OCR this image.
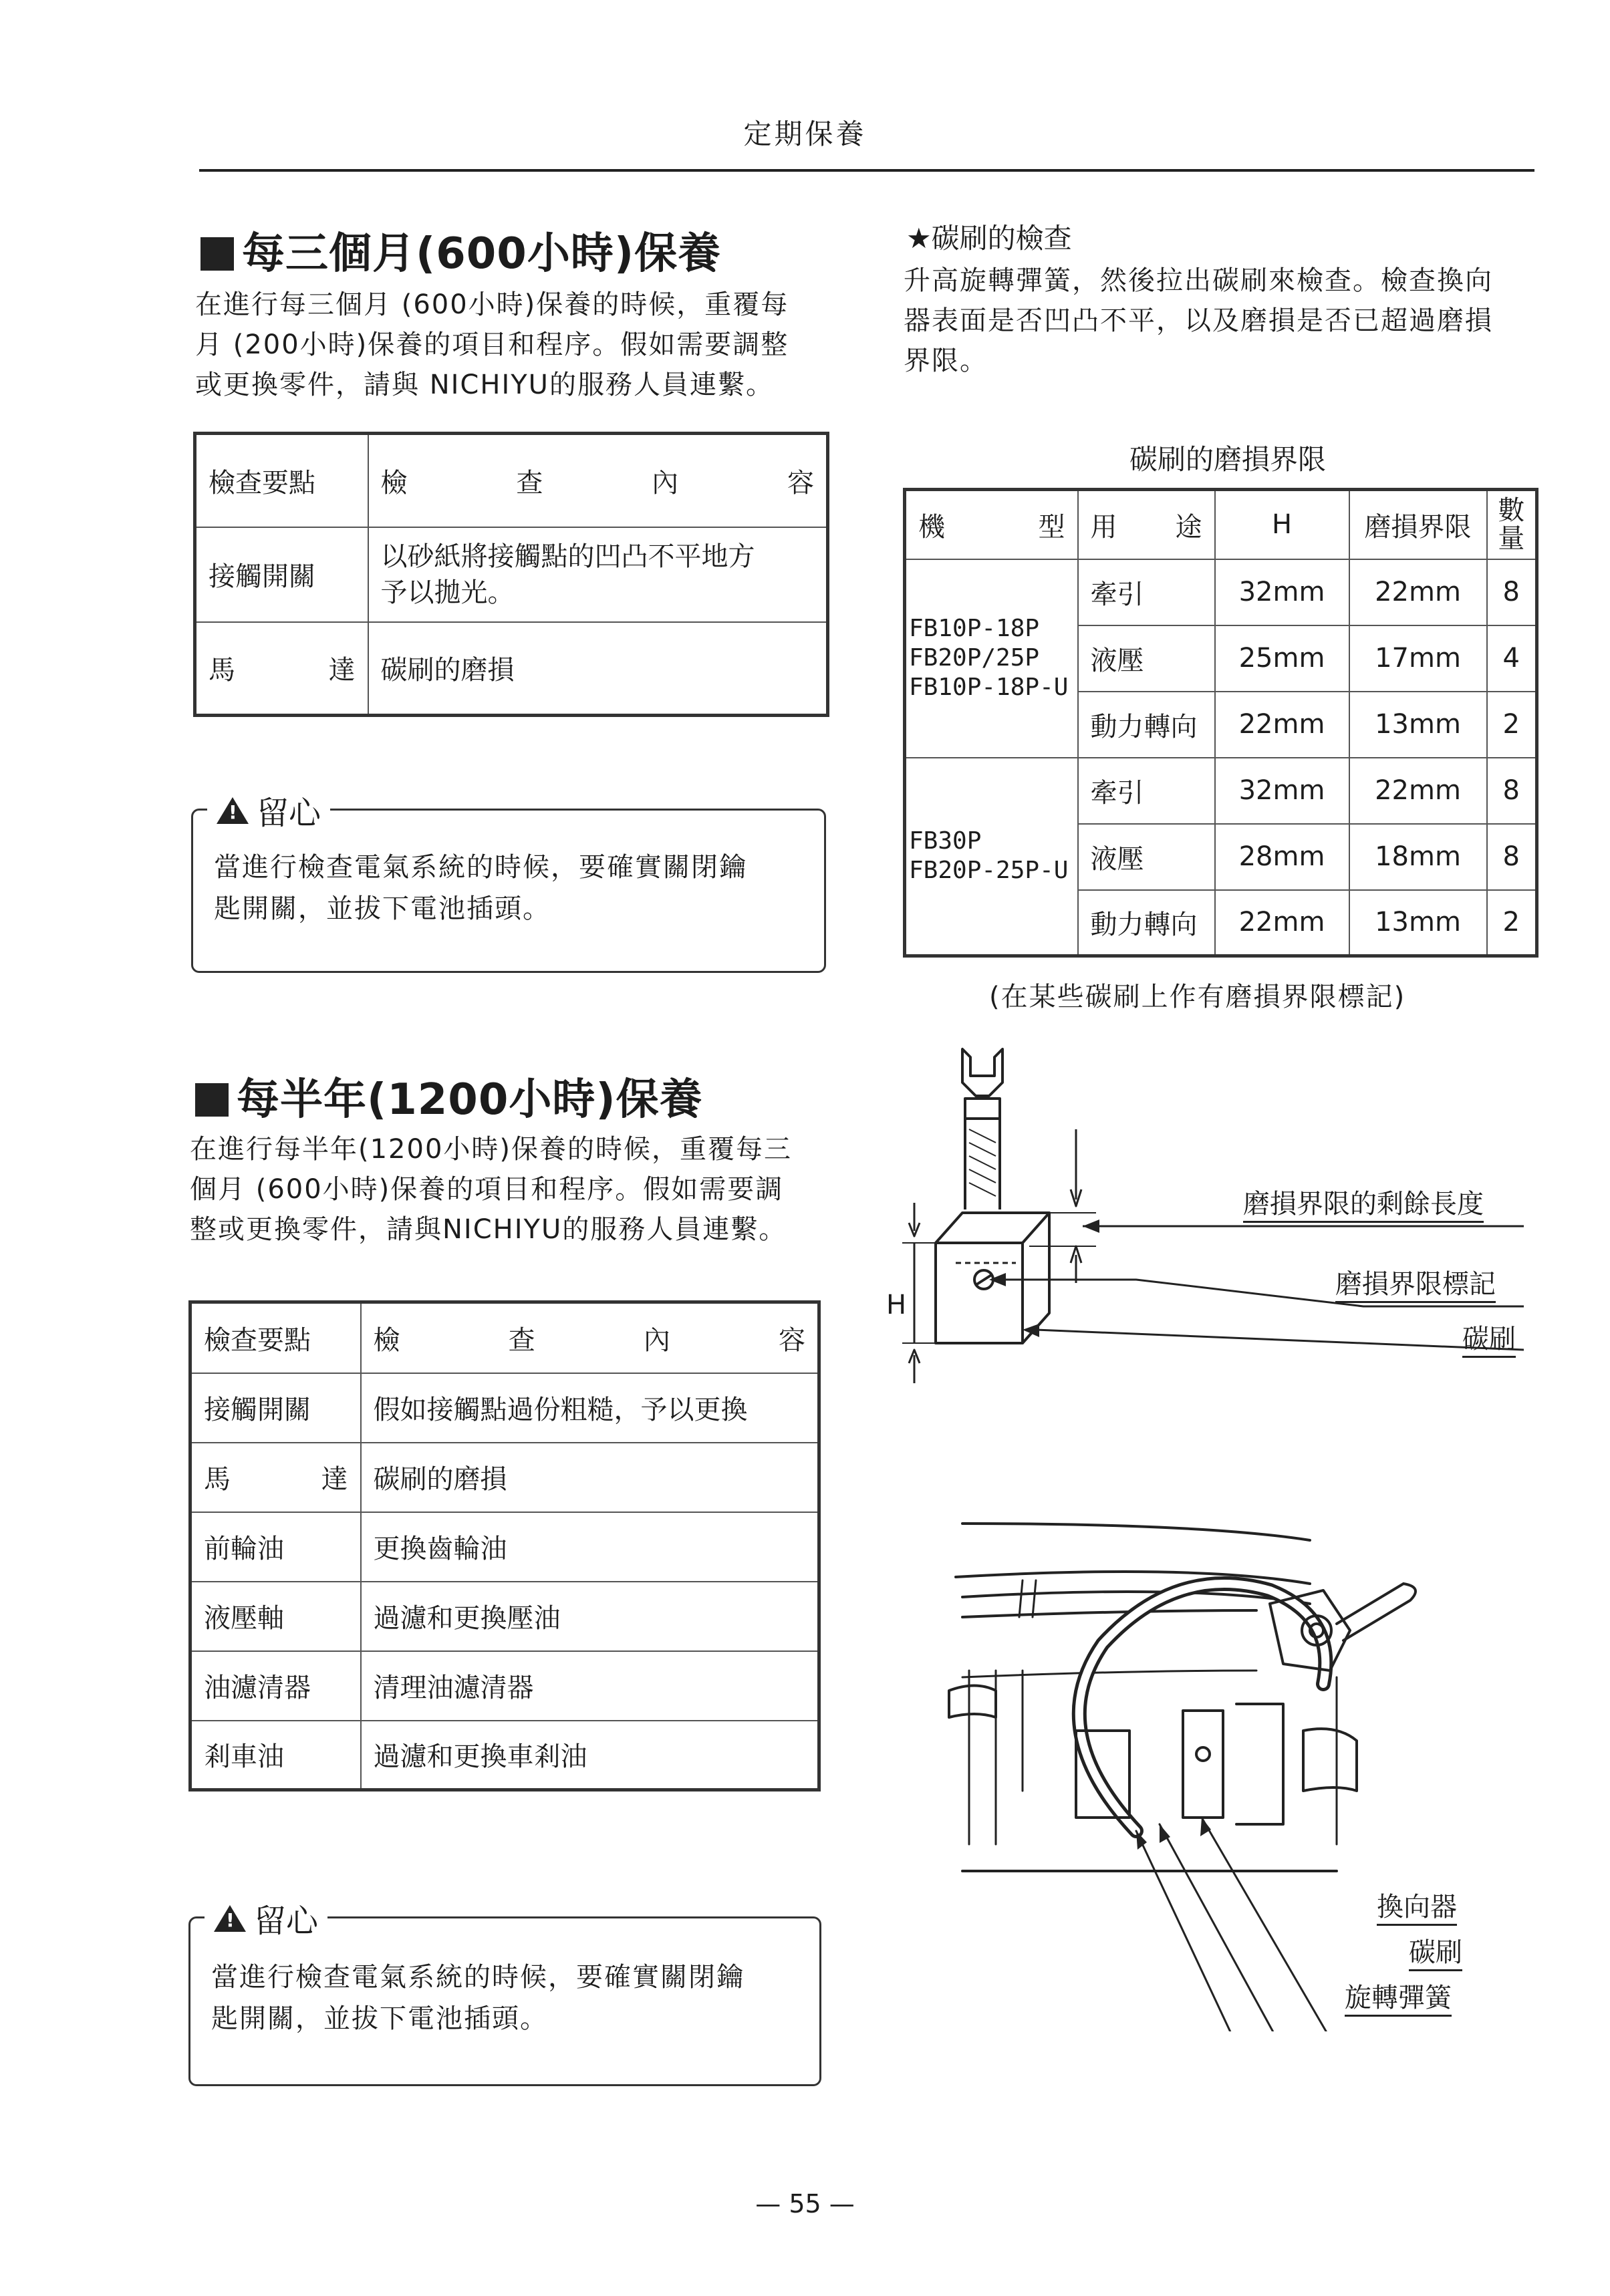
定期保養
每三個月(600小時)保養
在進行每三個月 (600小時)保養的時候，重覆每
月 (200小時)保養的項目和程序。假如需要調整
或更換零件，請與 NICHIYU的服務人員連繫。
檢查要點	檢 查 內 容

接觸開關	以砂紙將接觸點的凹凸不平地方
予以拋光。

馬 達	碳刷的磨損
!
留心
當進行檢查電氣系統的時候，要確實關閉鑰
匙開關，並拔下電池插頭。
每半年(1200小時)保養
在進行每半年(1200小時)保養的時候，重覆每三
個月 (600小時)保養的項目和程序。假如需要調
整或更換零件，請與NICHIYU的服務人員連繫。
檢查要點	檢 查 內 容

接觸開關	假如接觸點過份粗糙，予以更換

馬 達	碳刷的磨損
前輪油	更換齒輪油
液壓軸	過濾和更換壓油
油濾清器	清理油濾清器
剎車油	過濾和更換車剎油
!
留心
當進行檢查電氣系統的時候，要確實關閉鑰
匙開關，並拔下電池插頭。
★碳刷的檢查
升高旋轉彈簧，然後拉出碳刷來檢查。檢查換向
器表面是否凹凸不平，以及磨損是否已超過磨損
界限。
碳刷的磨損界限
機 型	用 途	H	磨損界限	數
量
FB10P-18P
FB20P/25P
FB10P-18P-U	牽引	32mm	22mm	8
	液壓	25mm	17mm	4
	動力轉向	22mm	13mm	2
FB30P
FB20P-25P-U	牽引	32mm	22mm	8
	液壓	28mm	18mm	8
	動力轉向	22mm	13mm	2
(在某些碳刷上作有磨損界限標記)
H
磨損界限的剩餘長度
磨損界限標記
碳刷
換向器
碳刷
旋轉彈簧
— 55 —
